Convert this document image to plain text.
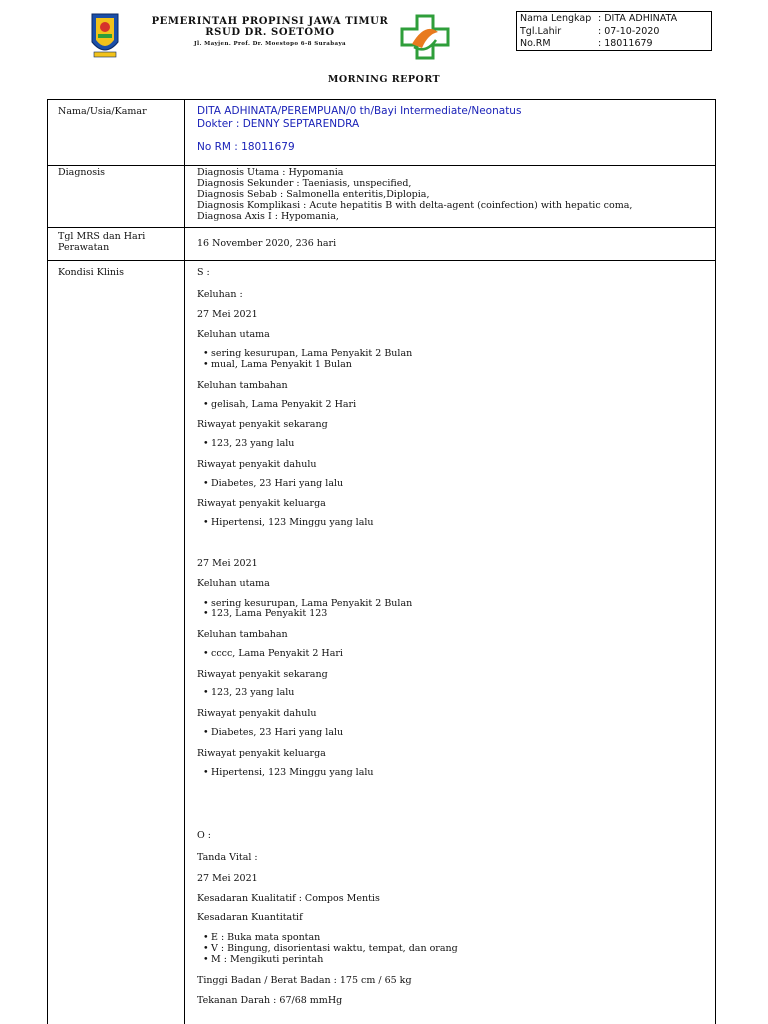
PEMERINTAH PROPINSI JAWA TIMUR
RSUD DR. SOETOMO
Jl. Mayjen. Prof. Dr. Moestopo 6-8 Surabaya
Nama Lengkap : DITA ADHINATA
Tgl.Lahir	: 07-10-2020
No.RM	: 18011679
MORNING REPORT
Nama/Usia/Kamar	DITA ADHINATA/PEREMPUAN/0 th/Bayi Intermediate/Neonatus
Dokter : DENNY SEPTARENDRA
No RM : 18011679
Diagnosis	Diagnosis Utama : Hypomania
Diagnosis Sekunder : Taeniasis, unspecified,
Diagnosis Sebab : Salmonella enteritis,Diplopia,
Diagnosis Komplikasi : Acute hepatitis B with delta-agent (coinfection) with hepatic coma,
Diagnosa Axis I : Hypomania,
Tgl MRS dan Hari
Perawatan	16 November 2020, 236 hari
Kondisi Klinis	S :
Keluhan :
27 Mei 2021
Keluhan utama
• sering kesurupan, Lama Penyakit 2 Bulan
• mual, Lama Penyakit 1 Bulan
Keluhan tambahan
• gelisah, Lama Penyakit 2 Hari
Riwayat penyakit sekarang
• 123, 23 yang lalu
Riwayat penyakit dahulu
• Diabetes, 23 Hari yang lalu
Riwayat penyakit keluarga
• Hipertensi, 123 Minggu yang lalu
27 Mei 2021
Keluhan utama
• sering kesurupan, Lama Penyakit 2 Bulan
• 123, Lama Penyakit 123
Keluhan tambahan
• cccc, Lama Penyakit 2 Hari
Riwayat penyakit sekarang
• 123, 23 yang lalu
Riwayat penyakit dahulu
• Diabetes, 23 Hari yang lalu
Riwayat penyakit keluarga
• Hipertensi, 123 Minggu yang lalu
O :
Tanda Vital :
27 Mei 2021
Kesadaran Kualitatif : Compos Mentis
Kesadaran Kuantitatif
• E : Buka mata spontan
• V : Bingung, disorientasi waktu, tempat, dan orang
• M : Mengikuti perintah
Tinggi Badan / Berat Badan : 175 cm / 65 kg
Tekanan Darah : 67/68 mmHg
